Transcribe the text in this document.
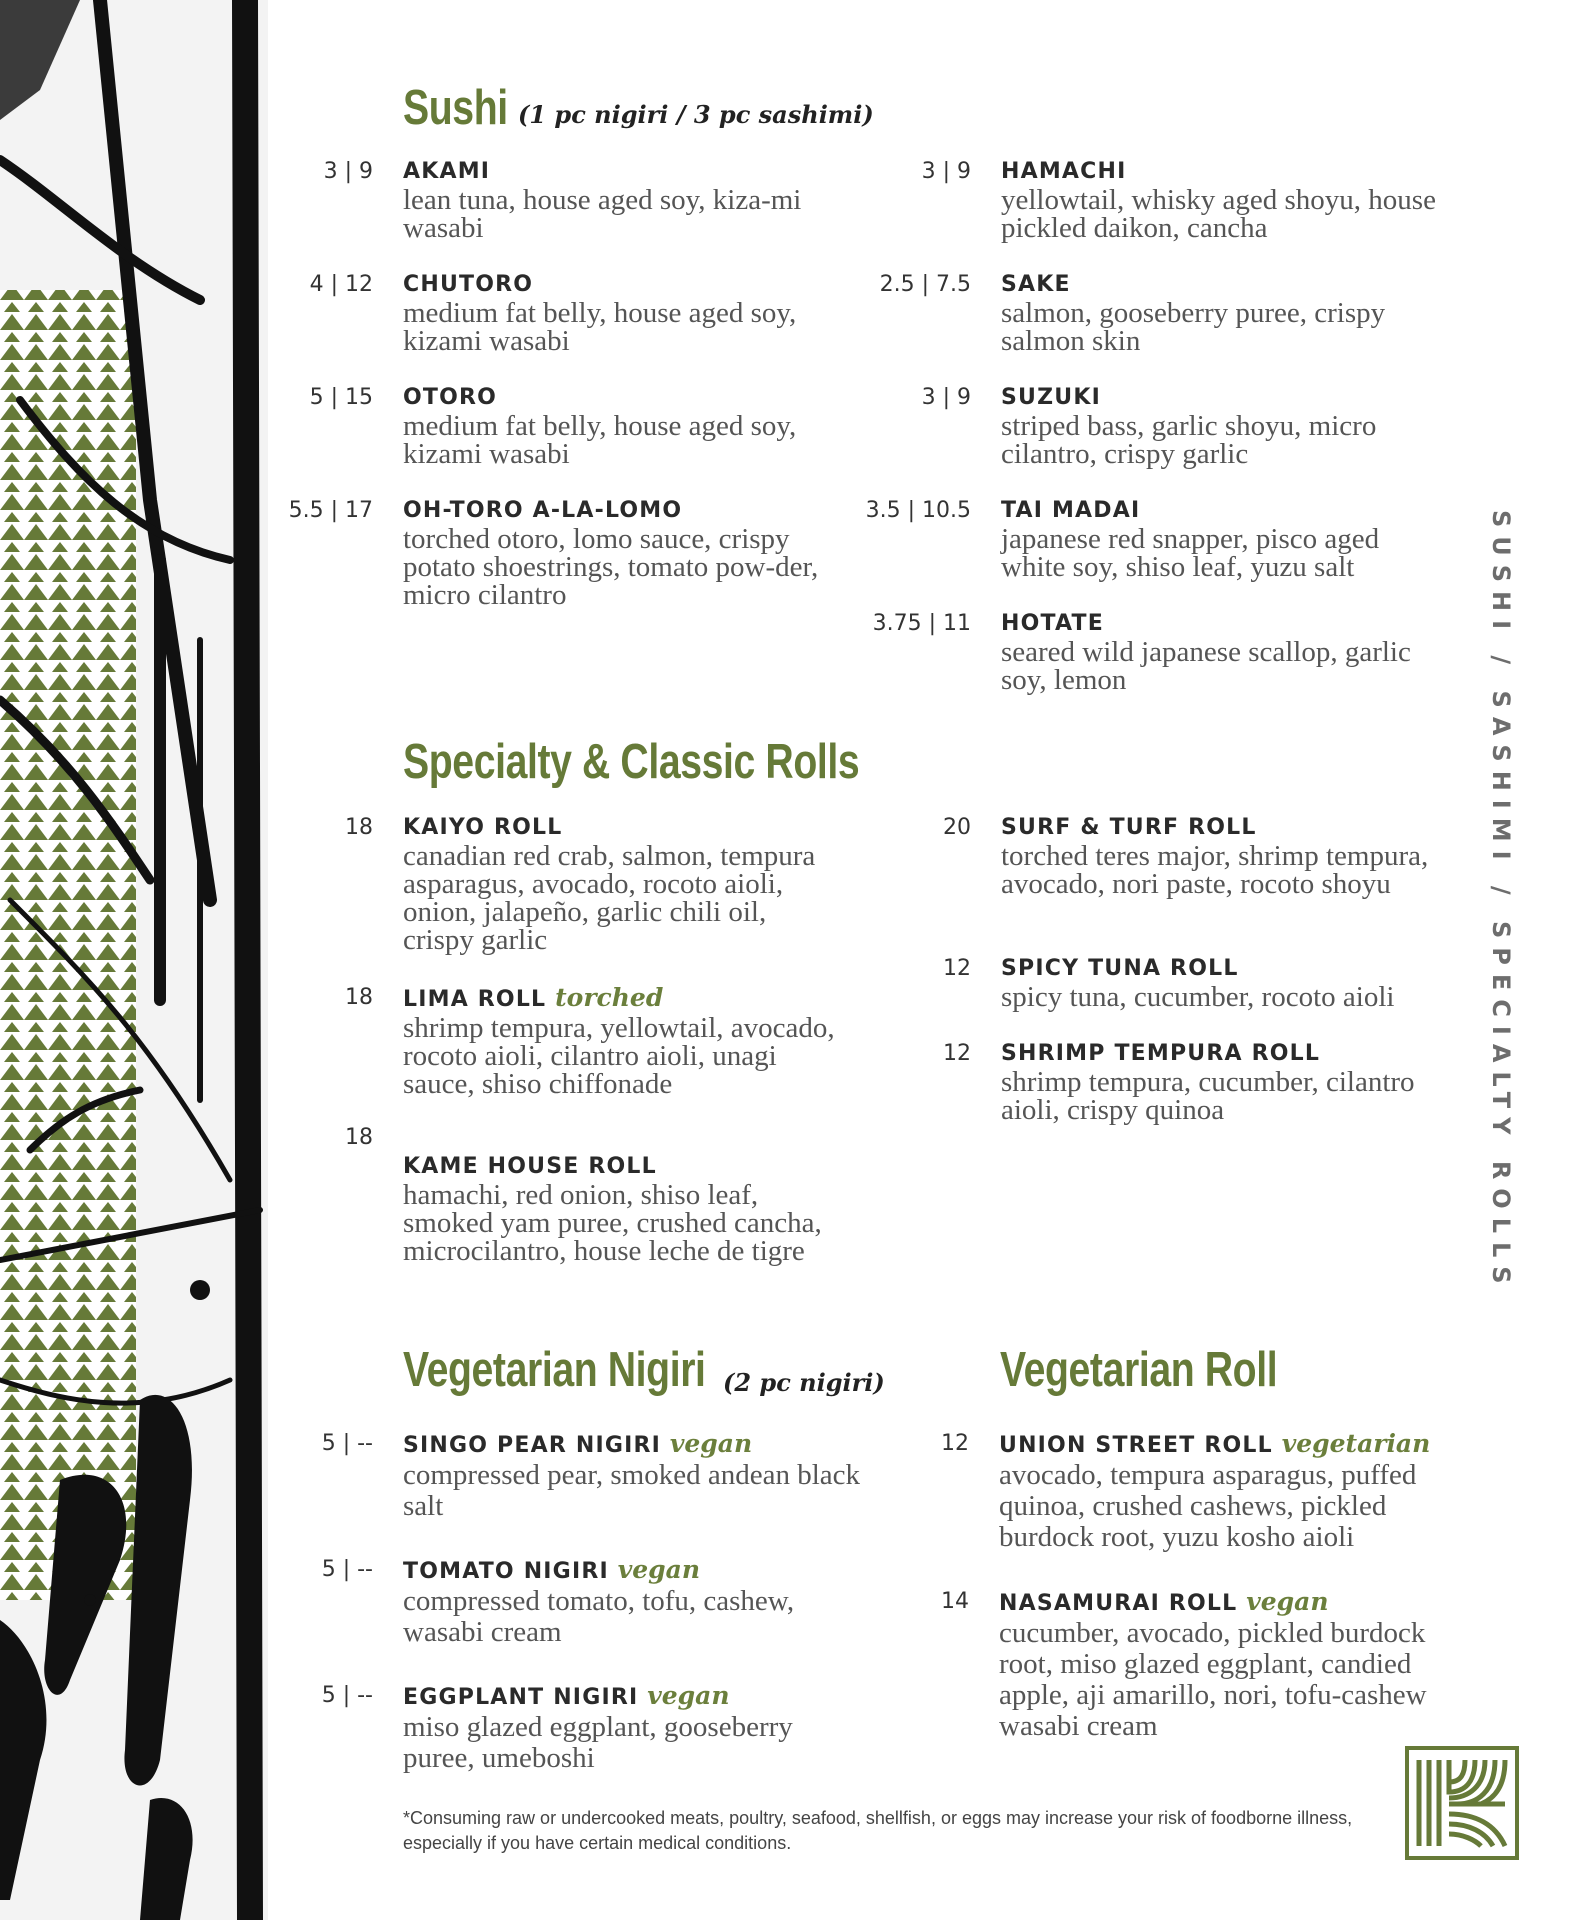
Sushi (1 pc nigiri / 3 pc sashimi)
3 | 9 AKAMI
lean tuna, house aged soy, kiza-mi wasabi
4 | 12 CHUTORO
medium fat belly, house aged soy, kizami wasabi
5 | 15 OTORO
medium fat belly, house aged soy, kizami wasabi
5.5 | 17 OH-TORO A-LA-LOMO
torched otoro, lomo sauce, crispy potato shoestrings, tomato pow-der, micro cilantro
3 | 9 HAMACHI
yellowtail, whisky aged shoyu, house pickled daikon, cancha
2.5 | 7.5 SAKE
salmon, gooseberry puree, crispy salmon skin
3 | 9 SUZUKI
striped bass, garlic shoyu, micro cilantro, crispy garlic
3.5 | 10.5 TAI MADAI
japanese red snapper, pisco aged white soy, shiso leaf, yuzu salt
3.75 | 11 HOTATE
seared wild japanese scallop, garlic soy, lemon
Specialty & Classic Rolls
18 KAIYO ROLL
canadian red crab, salmon, tempura asparagus, avocado, rocoto aioli, onion, jalapeño, garlic chili oil, crispy garlic
18 LIMA ROLL torched
shrimp tempura, yellowtail, avocado, rocoto aioli, cilantro aioli, unagi sauce, shiso chiffonade
18
KAME HOUSE ROLL
hamachi, red onion, shiso leaf, smoked yam puree, crushed cancha, microcilantro, house leche de tigre
20 SURF & TURF ROLL
torched teres major, shrimp tempura, avocado, nori paste, rocoto shoyu
12 SPICY TUNA ROLL
spicy tuna, cucumber, rocoto aioli
12 SHRIMP TEMPURA ROLL
shrimp tempura, cucumber, cilantro aioli, crispy quinoa
Vegetarian Nigiri (2 pc nigiri)
5 | -- SINGO PEAR NIGIRI vegan
compressed pear, smoked andean black salt
5 | -- TOMATO NIGIRI vegan
compressed tomato, tofu, cashew, wasabi cream
5 | -- EGGPLANT NIGIRI vegan
miso glazed eggplant, gooseberry puree, umeboshi
Vegetarian Roll
12 UNION STREET ROLL vegetarian
avocado, tempura asparagus, puffed quinoa, crushed cashews, pickled burdock root, yuzu kosho aioli
14 NASAMURAI ROLL vegan
cucumber, avocado, pickled burdock root, miso glazed eggplant, candied apple, aji amarillo, nori, tofu-cashew wasabi cream
SUSHI / SASHIMI / SPECIALTY ROLLS

*Consuming raw or undercooked meats, poultry, seafood, shellfish, or eggs may increase your risk of foodborne illness, especially if you have certain medical conditions.
